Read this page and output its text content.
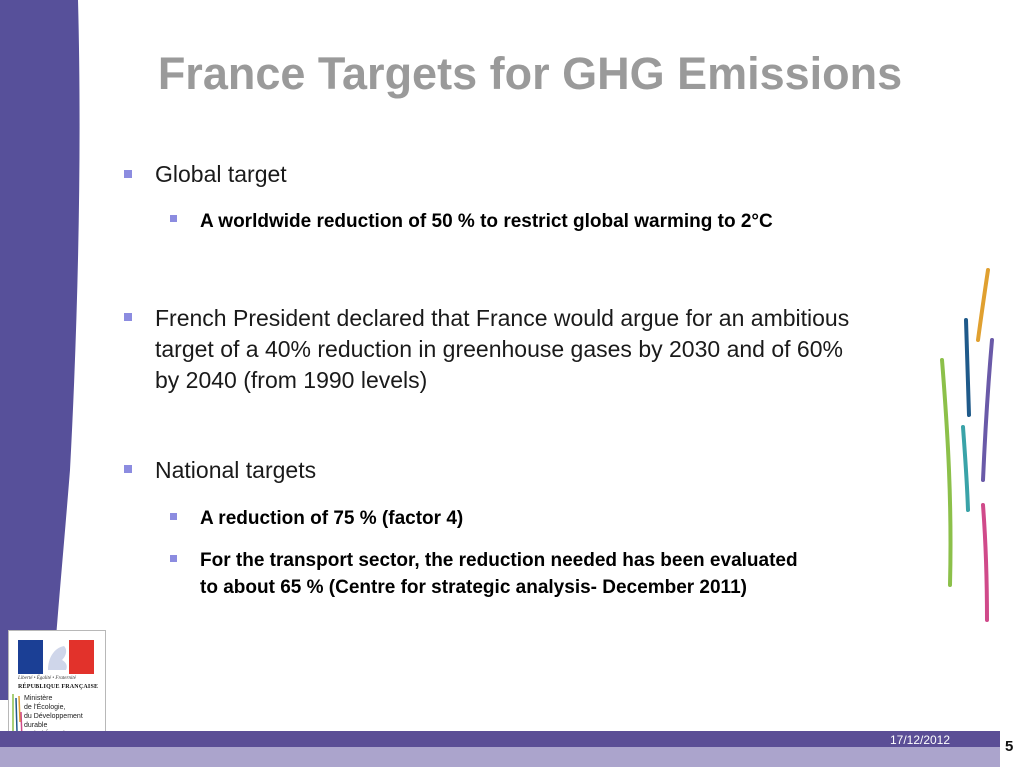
France Targets for GHG Emissions
Global target
A worldwide reduction of 50 % to restrict global warming to 2°C
French President declared that France would argue for an ambitious
target of a 40% reduction in greenhouse gases by 2030 and of 60%
by 2040 (from 1990 levels)
National targets
A reduction of 75 % (factor 4)
For the transport sector, the reduction needed has been evaluated
to about 65 % (Centre for strategic analysis- December 2011)
Liberté • Égalité • Fraternité
RÉPUBLIQUE FRANÇAISE
Ministère
de l'Écologie,
du Développement
durable
17/12/2012	5
